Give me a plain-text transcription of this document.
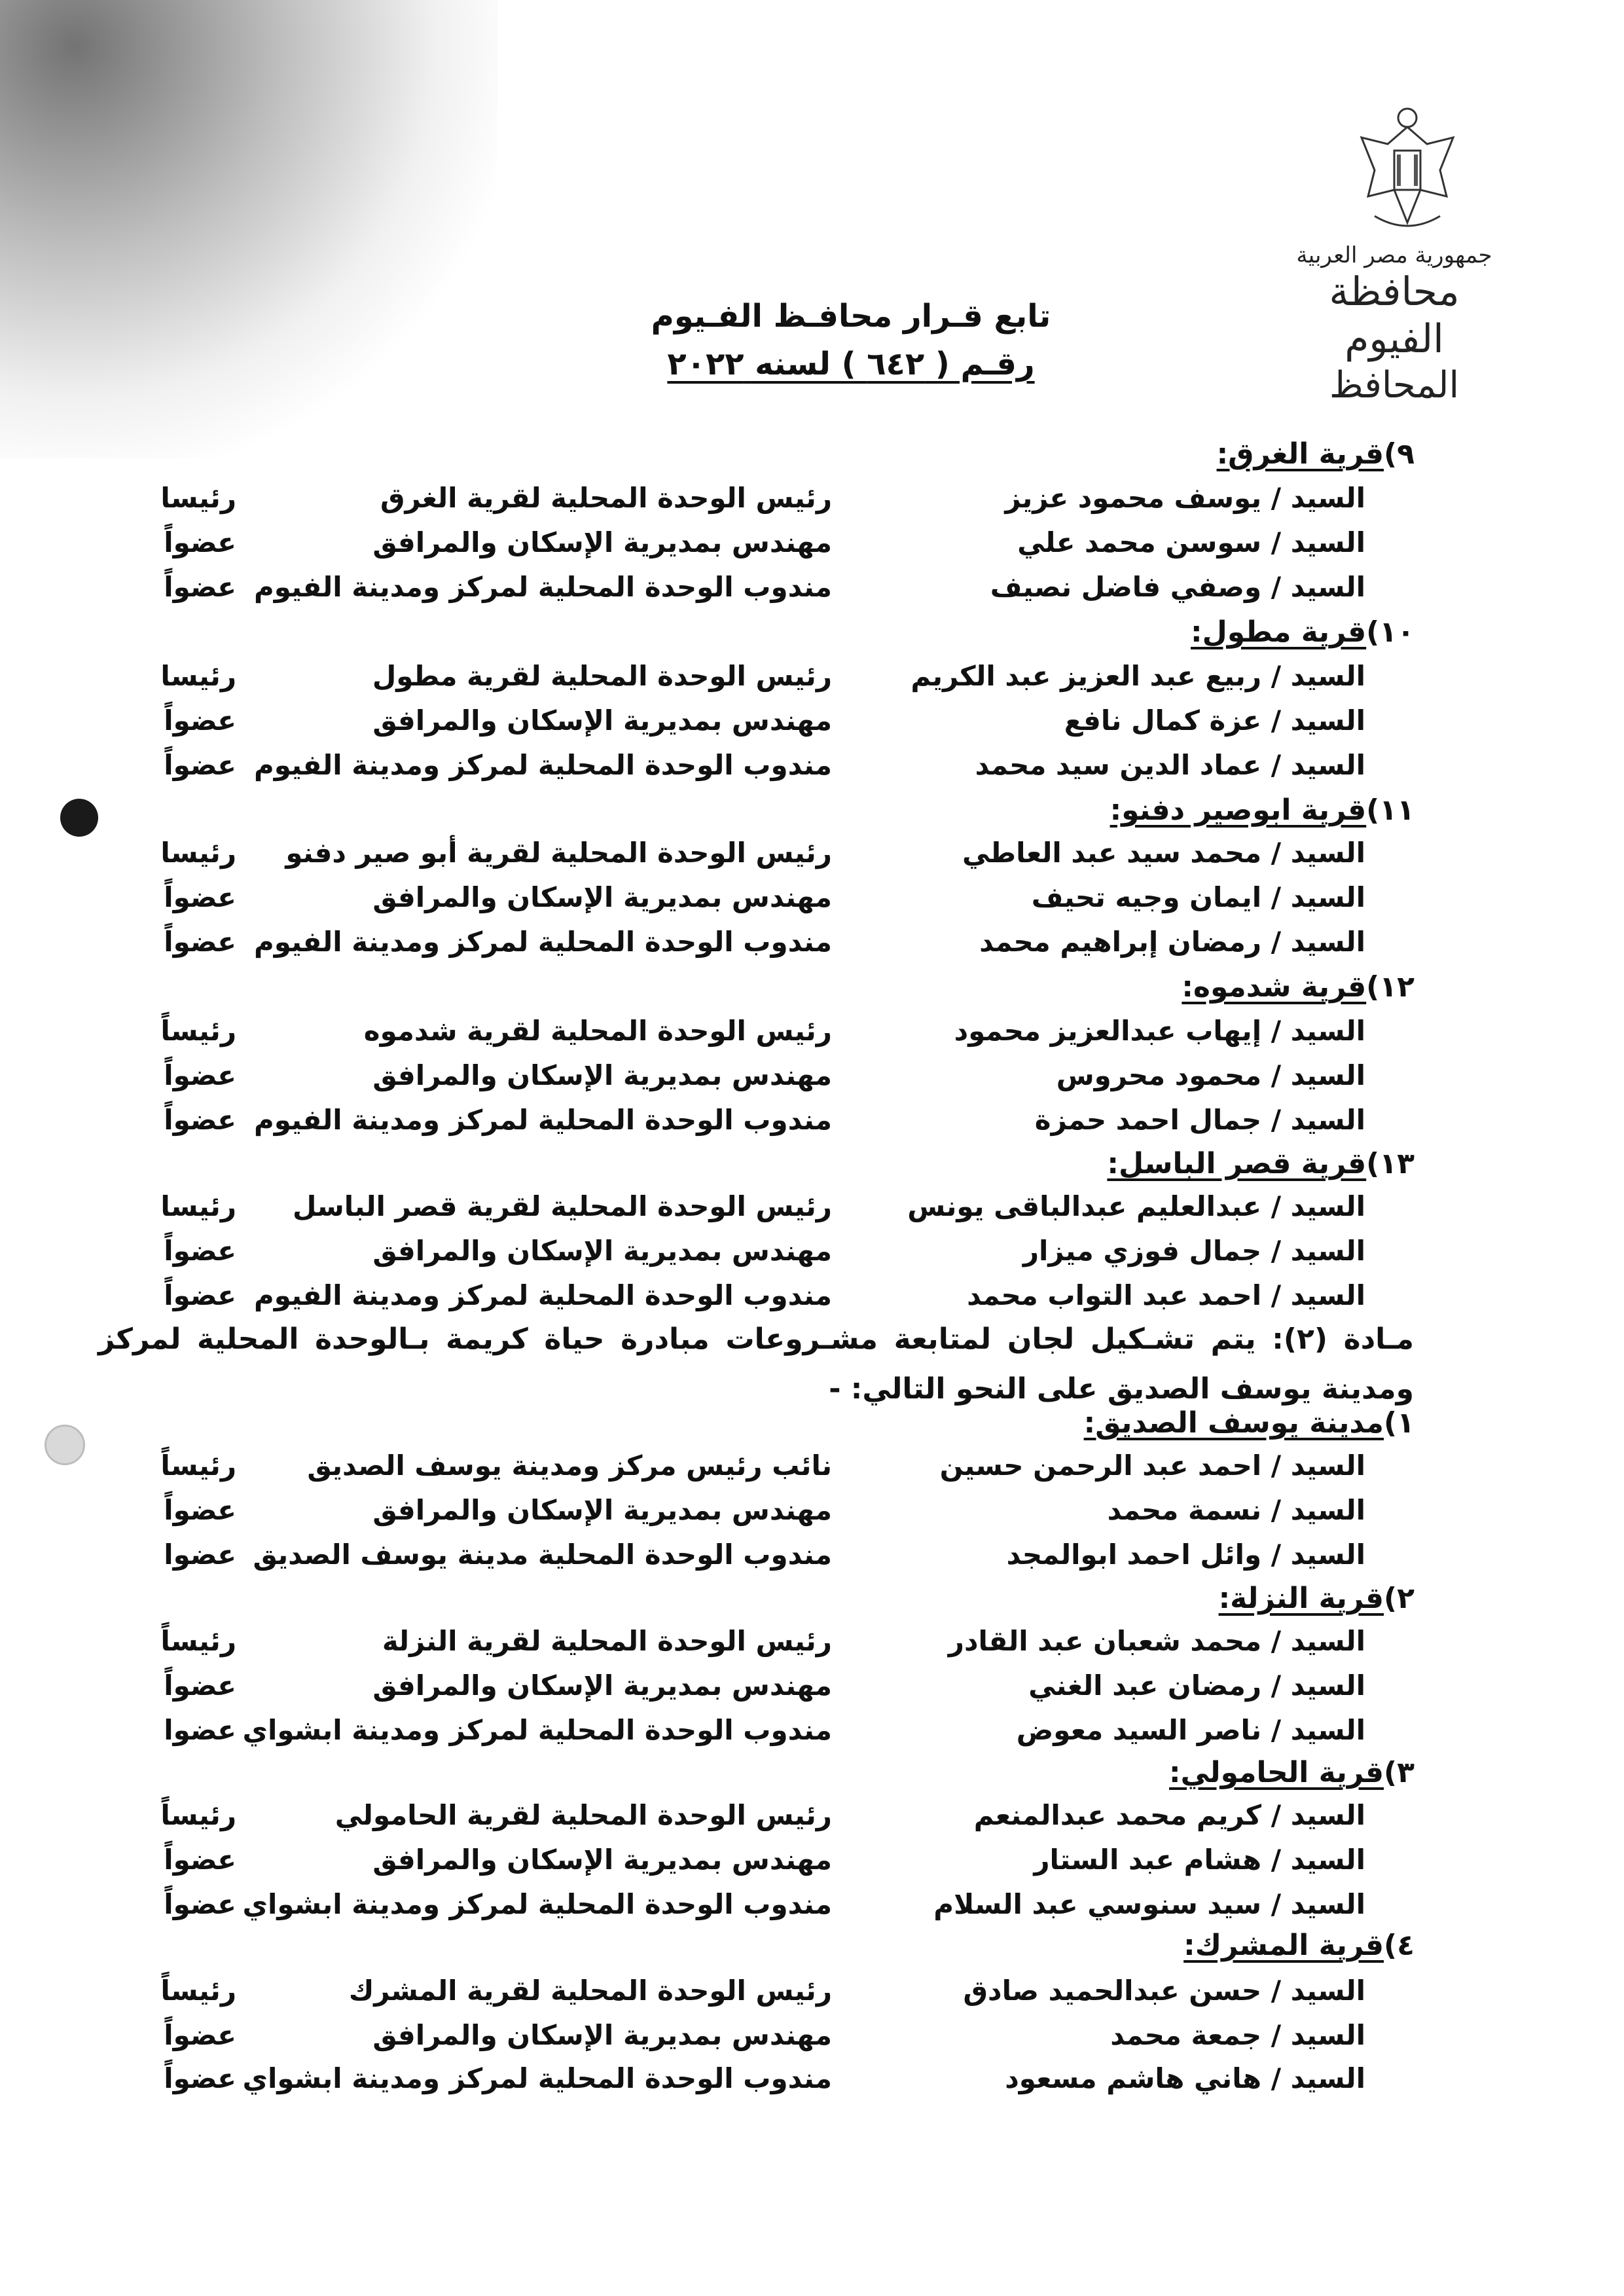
جمهورية مصر العربية
محافظة الفيوم
المحافظ
تابع قـرار محافـظ الفـيوم
رقـم ( ٦٤٢ ) لسنه ٢٠٢٢
٩)قرية الغرق:
السيد / يوسف محمود عزيز
رئيس الوحدة المحلية لقرية الغرق
رئيسا
السيد / سوسن محمد علي
مهندس بمديرية الإسكان والمرافق
عضواً
السيد / وصفي فاضل نصيف
مندوب الوحدة المحلية لمركز ومدينة الفيوم
عضواً
١٠)قرية مطول:
السيد / ربيع عبد العزيز عبد الكريم
رئيس الوحدة المحلية لقرية مطول
رئيسا
السيد / عزة كمال نافع
مهندس بمديرية الإسكان والمرافق
عضواً
السيد / عماد الدين سيد محمد
مندوب الوحدة المحلية لمركز ومدينة الفيوم
عضواً
١١)قرية ابوصير دفنو:
السيد / محمد سيد عبد العاطي
رئيس الوحدة المحلية لقرية أبو صير دفنو
رئيسا
السيد / ايمان وجيه تحيف
مهندس بمديرية الإسكان والمرافق
عضواً
السيد / رمضان إبراهيم محمد
مندوب الوحدة المحلية لمركز ومدينة الفيوم
عضواً
١٢)قرية شدموه:
السيد / إيهاب عبدالعزيز محمود
رئيس الوحدة المحلية لقرية شدموه
رئيساً
السيد / محمود محروس
مهندس بمديرية الإسكان والمرافق
عضواً
السيد / جمال احمد حمزة
مندوب الوحدة المحلية لمركز ومدينة الفيوم
عضواً
١٣)قرية قصر الباسل:
السيد / عبدالعليم عبدالباقى يونس
رئيس الوحدة المحلية لقرية قصر الباسل
رئيسا
السيد / جمال فوزي ميزار
مهندس بمديرية الإسكان والمرافق
عضواً
السيد / احمد عبد التواب محمد
مندوب الوحدة المحلية لمركز ومدينة الفيوم
عضواً
مـادة (٢): يتم تشـكيل لجان لمتابعة مشـروعات مبادرة حياة كريمة بـالوحدة المحلية لمركز ومدينة يوسف الصديق على النحو التالي: -
١)مدينة يوسف الصديق:
السيد / احمد عبد الرحمن حسين
نائب رئيس مركز ومدينة يوسف الصديق
رئيساً
السيد / نسمة محمد
مهندس بمديرية الإسكان والمرافق
عضواً
السيد / وائل احمد ابوالمجد
مندوب الوحدة المحلية مدينة يوسف الصديق
عضوا
٢)قرية النزلة:
السيد / محمد شعبان عبد القادر
رئيس الوحدة المحلية لقرية النزلة
رئيساً
السيد / رمضان عبد الغني
مهندس بمديرية الإسكان والمرافق
عضواً
السيد / ناصر السيد معوض
مندوب الوحدة المحلية لمركز ومدينة ابشواي
عضوا
٣)قرية الحامولي:
السيد / كريم محمد عبدالمنعم
رئيس الوحدة المحلية لقرية الحامولي
رئيساً
السيد / هشام عبد الستار
مهندس بمديرية الإسكان والمرافق
عضواً
السيد / سيد سنوسي عبد السلام
مندوب الوحدة المحلية لمركز ومدينة ابشواي
عضواً
٤)قرية المشرك:
السيد / حسن عبدالحميد صادق
رئيس الوحدة المحلية لقرية المشرك
رئيساً
السيد / جمعة محمد
مهندس بمديرية الإسكان والمرافق
عضواً
السيد / هاني هاشم مسعود
مندوب الوحدة المحلية لمركز ومدينة ابشواي
عضواً
